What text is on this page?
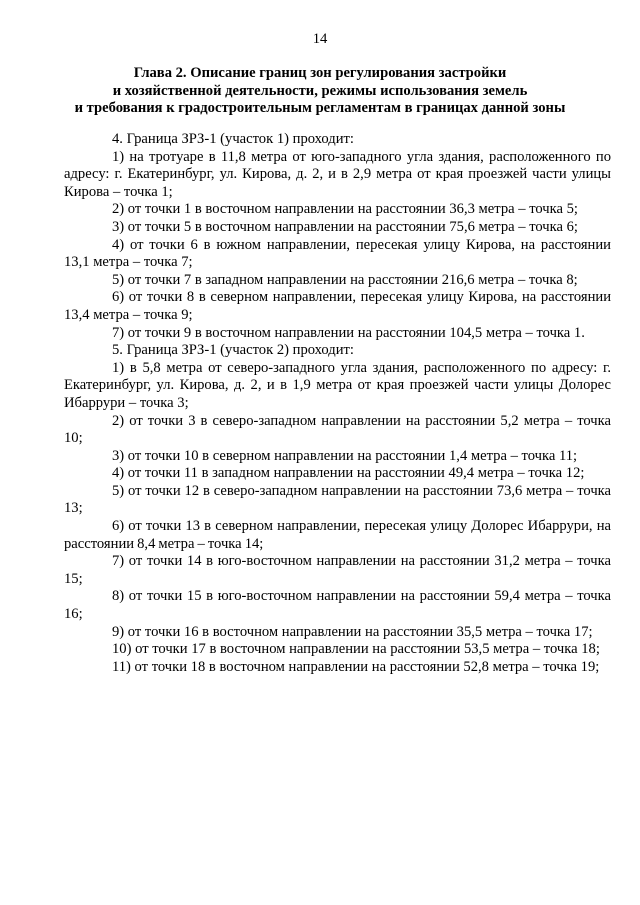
14
Глава 2. Описание границ зон регулирования застройки
и хозяйственной деятельности, режимы использования земель
и требования к градостроительным регламентам в границах данной зоны

4. Граница ЗРЗ-1 (участок 1) проходит:

1) на тротуаре в 11,8 метра от юго-западного угла здания, расположенного по адресу: г. Екатеринбург, ул. Кирова, д. 2, и в 2,9 метра от края проезжей части улицы Кирова – точка 1;

2) от точки 1 в восточном направлении на расстоянии 36,3 метра – точка 5;

3) от точки 5 в восточном направлении на расстоянии 75,6 метра – точка 6;

4) от точки 6 в южном направлении, пересекая улицу Кирова, на расстоянии 13,1 метра – точка 7;

5) от точки 7 в западном направлении на расстоянии 216,6 метра – точка 8;

6) от точки 8 в северном направлении, пересекая улицу Кирова, на расстоянии 13,4 метра – точка 9;

7) от точки 9 в восточном направлении на расстоянии 104,5 метра – точка 1.

5. Граница ЗРЗ-1 (участок 2) проходит:

1) в 5,8 метра от северо-западного угла здания, расположенного по адресу: г. Екатеринбург, ул. Кирова, д. 2, и в 1,9 метра от края проезжей части улицы Долорес Ибаррури – точка 3;

2) от точки 3 в северо-западном направлении на расстоянии 5,2 метра – точка 10;

3) от точки 10 в северном направлении на расстоянии 1,4 метра – точка 11;

4) от точки 11 в западном направлении на расстоянии 49,4 метра – точка 12;

5) от точки 12 в северо-западном направлении на расстоянии 73,6 метра – точка 13;

6) от точки 13 в северном направлении, пересекая улицу Долорес Ибаррури, на расстоянии 8,4 метра – точка 14;

7) от точки 14 в юго-восточном направлении на расстоянии 31,2 метра – точка 15;

8) от точки 15 в юго-восточном направлении на расстоянии 59,4 метра – точка 16;

9) от точки 16 в восточном направлении на расстоянии 35,5 метра – точка 17;

10) от точки 17 в восточном направлении на расстоянии 53,5 метра – точка 18;

11) от точки 18 в восточном направлении на расстоянии 52,8 метра – точка 19;
